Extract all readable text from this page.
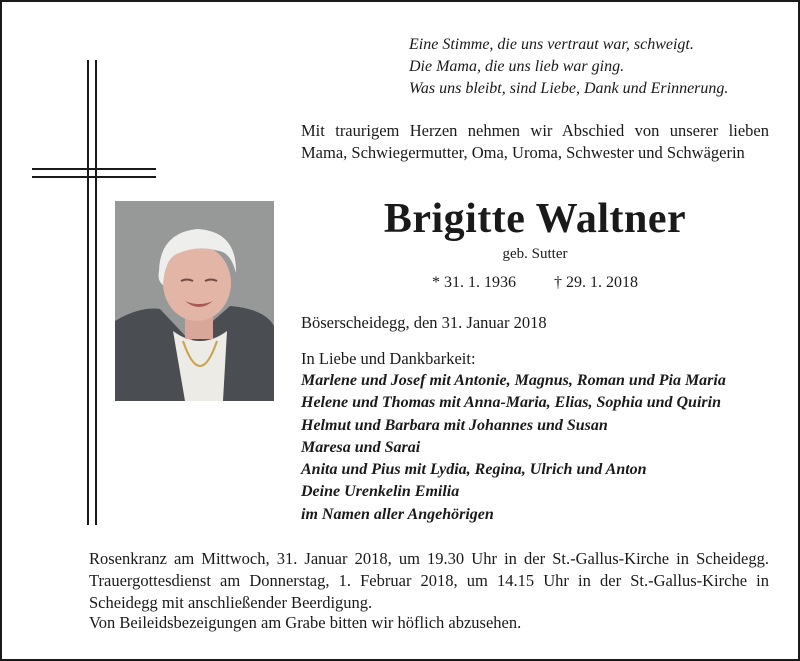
Eine Stimme, die uns vertraut war, schweigt.
Die Mama, die uns lieb war ging.
Was uns bleibt, sind Liebe, Dank und Erinnerung.
Mit traurigem Herzen nehmen wir Abschied von unserer lieben Mama, Schwiegermutter, Oma, Uroma, Schwester und Schwägerin
Brigitte Waltner
geb. Sutter
* 31. 1. 1936 † 29. 1. 2018
Böserscheidegg, den 31. Januar 2018
In Liebe und Dankbarkeit:
Marlene und Josef mit Antonie, Magnus, Roman und Pia Maria
Helene und Thomas mit Anna-Maria, Elias, Sophia und Quirin
Helmut und Barbara mit Johannes und Susan
Maresa und Sarai
Anita und Pius mit Lydia, Regina, Ulrich und Anton
Deine Urenkelin Emilia
im Namen aller Angehörigen
Rosenkranz am Mittwoch, 31. Januar 2018, um 19.30 Uhr in der St.-Gallus-Kirche in Scheidegg. Trauergottesdienst am Donnerstag, 1. Februar 2018, um 14.15 Uhr in der St.-Gallus-Kirche in Scheidegg mit anschließender Beerdigung.
Von Beileidsbezeigungen am Grabe bitten wir höflich abzusehen.
